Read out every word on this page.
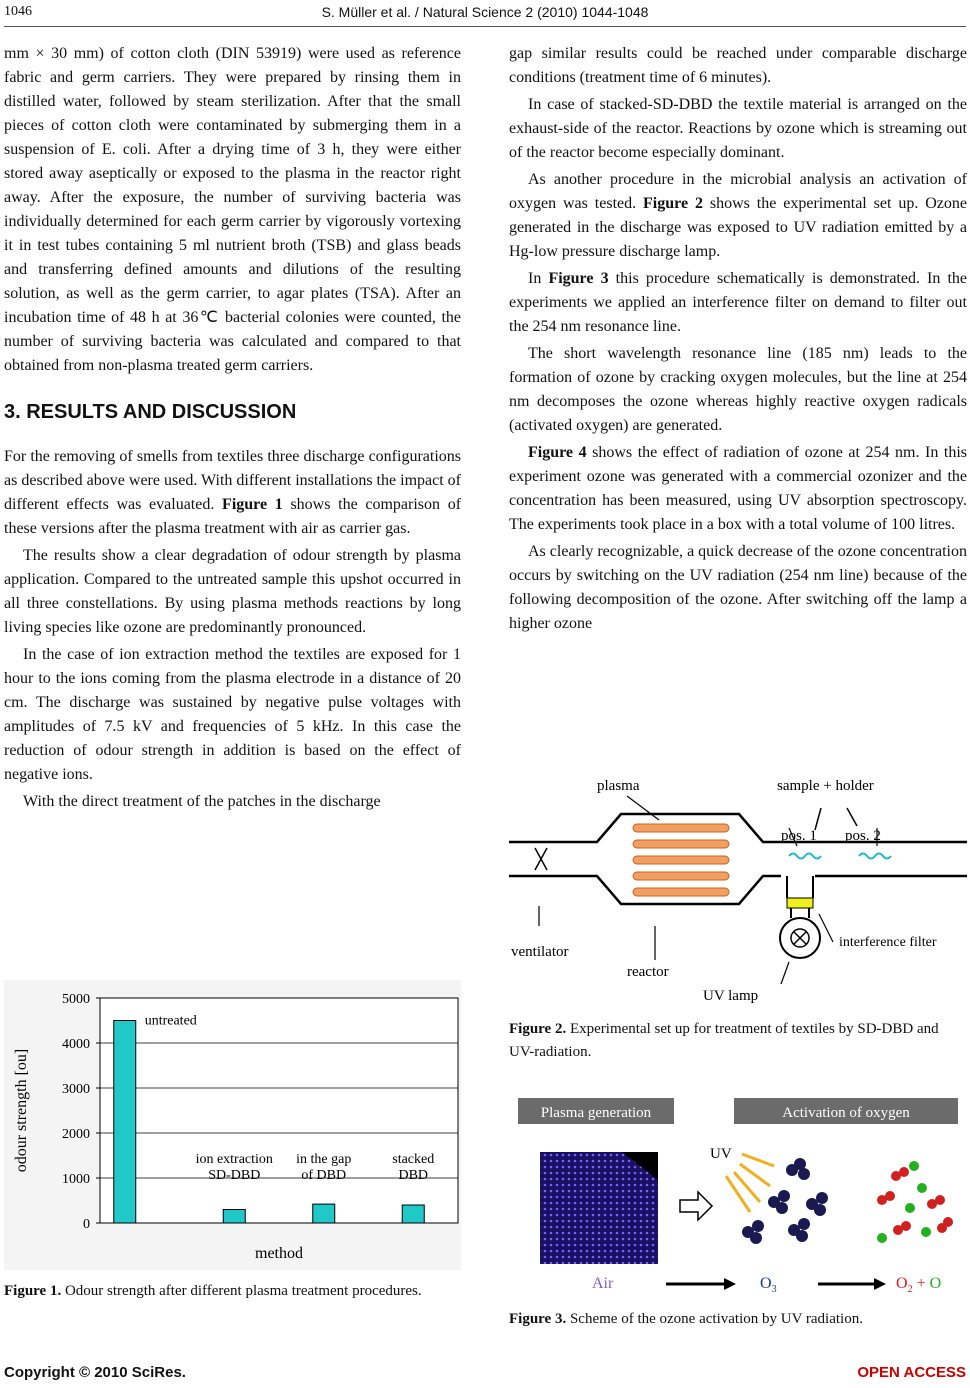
1046	S. Müller et al. / Natural Science 2 (2010) 1044-1048

mm × 30 mm) of cotton cloth (DIN 53919) were used as reference fabric and germ carriers. They were prepared by rinsing them in distilled water, followed by steam sterilization. After that the small pieces of cotton cloth were contaminated by submerging them in a suspension of E. coli. After a drying time of 3 h, they were either stored away aseptically or exposed to the plasma in the reactor right away. After the exposure, the number of surviving bacteria was individually determined for each germ carrier by vigorously vortexing it in test tubes containing 5 ml nutrient broth (TSB) and glass beads and transferring defined amounts and dilutions of the resulting solution, as well as the germ carrier, to agar plates (TSA). After an incubation time of 48 h at 36℃ bacterial colonies were counted, the number of surviving bacteria was calculated and compared to that obtained from non-plasma treated germ carriers.

3. RESULTS AND DISCUSSION

For the removing of smells from textiles three discharge configurations as described above were used. With different installations the impact of different effects was evaluated. Figure 1 shows the comparison of these versions after the plasma treatment with air as carrier gas.

The results show a clear degradation of odour strength by plasma application. Compared to the untreated sample this upshot occurred in all three constellations. By using plasma methods reactions by long living species like ozone are predominantly pronounced.

In the case of ion extraction method the textiles are exposed for 1 hour to the ions coming from the plasma electrode in a distance of 20 cm. The discharge was sustained by negative pulse voltages with amplitudes of 7.5 kV and frequencies of 5 kHz. In this case the reduction of odour strength in addition is based on the effect of negative ions.

With the direct treatment of the patches in the discharge

0
1000
2000
3000
4000
5000
untreated
ion extraction
SD-DBD
in the gap
of DBD
stacked
DBD
method
odour strength [ou]
Figure 1. Odour strength after different plasma treatment procedures.

gap similar results could be reached under comparable discharge conditions (treatment time of 6 minutes).

In case of stacked-SD-DBD the textile material is arranged on the exhaust-side of the reactor. Reactions by ozone which is streaming out of the reactor become especially dominant.

As another procedure in the microbial analysis an activation of oxygen was tested. Figure 2 shows the experimental set up. Ozone generated in the discharge was exposed to UV radiation emitted by a Hg-low pressure discharge lamp.

In Figure 3 this procedure schematically is demonstrated. In the experiments we applied an interference filter on demand to filter out the 254 nm resonance line.

The short wavelength resonance line (185 nm) leads to the formation of ozone by cracking oxygen molecules, but the line at 254 nm decomposes the ozone whereas highly reactive oxygen radicals (activated oxygen) are generated.

Figure 4 shows the effect of radiation of ozone at 254 nm. In this experiment ozone was generated with a commercial ozonizer and the concentration has been measured, using UV absorption spectroscopy. The experiments took place in a box with a total volume of 100 litres.

As clearly recognizable, a quick decrease of the ozone concentration occurs by switching on the UV radiation (254 nm line) because of the following decomposition of the ozone. After switching off the lamp a higher ozone

plasma	sample + holder
pos. 1 pos. 2
ventilator
reactor
UV lamp
interference filter
Figure 2. Experimental set up for treatment of textiles by SD-DBD and UV-radiation.
Plasma generation	Activation of oxygen
UV
Air	$O_3$	$O_2 + O$
Figure 3. Scheme of the ozone activation by UV radiation.
Copyright © 2010 SciRes.	OPEN ACCESS
